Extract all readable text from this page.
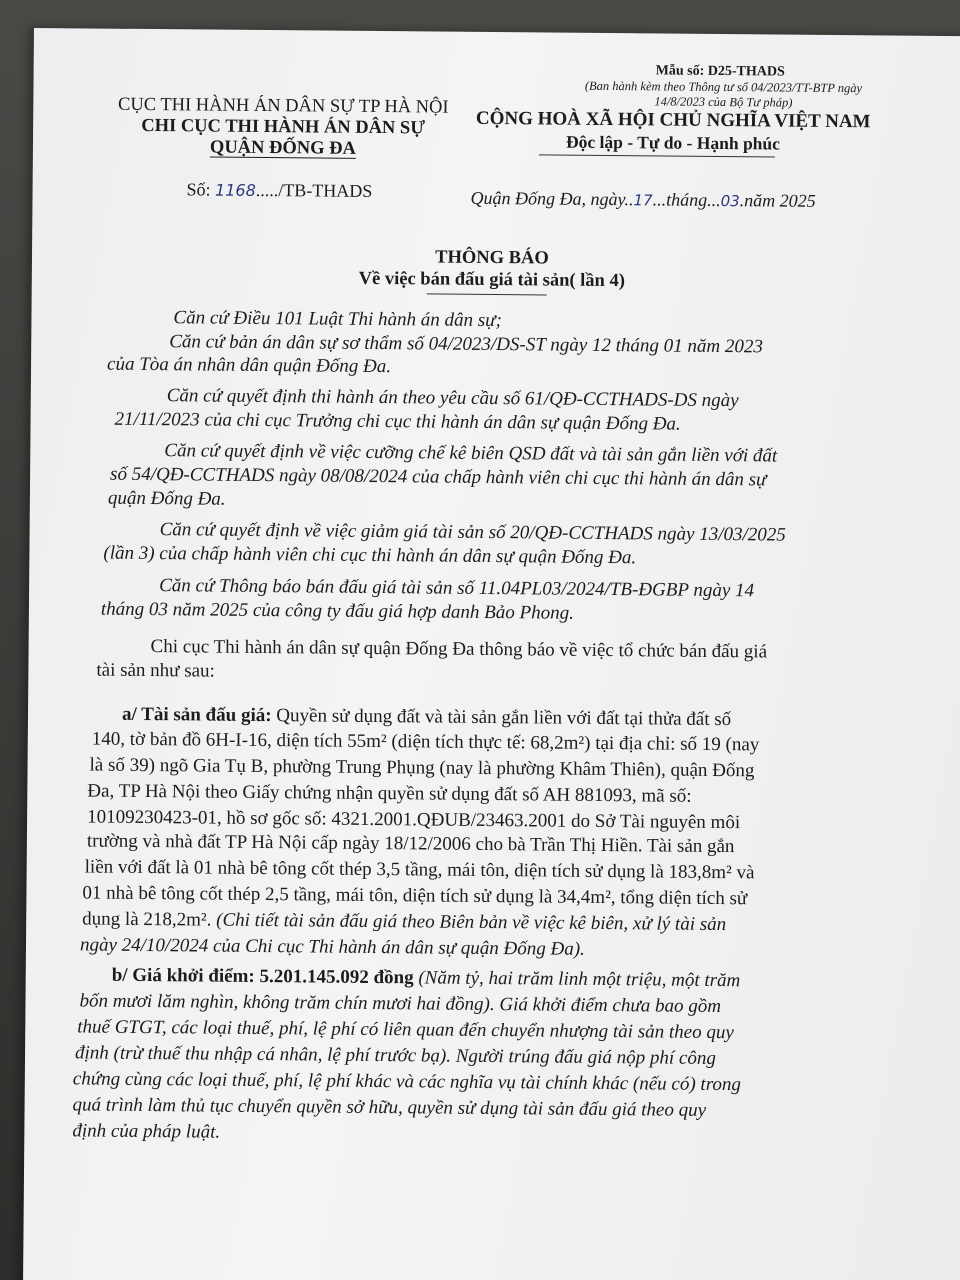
Mẫu số: D25-THADS
(Ban hành kèm theo Thông tư số 04/2023/TT-BTP ngày 14/8/2023 của Bộ Tư pháp)
CỤC THI HÀNH ÁN DÂN SỰ TP HÀ NỘI
CHI CỤC THI HÀNH ÁN DÂN SỰ
QUẬN ĐỐNG ĐA
CỘNG HOÀ XÃ HỘI CHỦ NGHĨA VIỆT NAM
Độc lập - Tự do - Hạnh phúc
Số: 1168...../TB-THADS	Quận Đống Đa, ngày..17...tháng...03.năm 2025
THÔNG BÁO
Về việc bán đấu giá tài sản( lần 4)
Căn cứ Điều 101 Luật Thi hành án dân sự;
Căn cứ bản án dân sự sơ thẩm số 04/2023/DS-ST ngày 12 tháng 01 năm 2023
của Tòa án nhân dân quận Đống Đa.
Căn cứ quyết định thi hành án theo yêu cầu số 61/QĐ-CCTHADS-DS ngày
21/11/2023 của chi cục Trưởng chi cục thi hành án dân sự quận Đống Đa.
Căn cứ quyết định về việc cưỡng chế kê biên QSD đất và tài sản gắn liền với đất
số 54/QĐ-CCTHADS ngày 08/08/2024 của chấp hành viên chi cục thi hành án dân sự
quận Đống Đa.
Căn cứ quyết định về việc giảm giá tài sản số 20/QĐ-CCTHADS ngày 13/03/2025
(lần 3) của chấp hành viên chi cục thi hành án dân sự quận Đống Đa.
Căn cứ Thông báo bán đấu giá tài sản số 11.04PL03/2024/TB-ĐGBP ngày 14
tháng 03 năm 2025 của công ty đấu giá hợp danh Bảo Phong.
Chi cục Thi hành án dân sự quận Đống Đa thông báo về việc tổ chức bán đấu giá
tài sản như sau:
a/ Tài sản đấu giá: Quyền sử dụng đất và tài sản gắn liền với đất tại thửa đất số
140, tờ bản đồ 6H-I-16, diện tích 55m² (diện tích thực tế: 68,2m²) tại địa chỉ: số 19 (nay
là số 39) ngõ Gia Tụ B, phường Trung Phụng (nay là phường Khâm Thiên), quận Đống
Đa, TP Hà Nội theo Giấy chứng nhận quyền sử dụng đất số AH 881093, mã số:
10109230423-01, hồ sơ gốc số: 4321.2001.QĐUB/23463.2001 do Sở Tài nguyên môi
trường và nhà đất TP Hà Nội cấp ngày 18/12/2006 cho bà Trần Thị Hiền. Tài sản gắn
liền với đất là 01 nhà bê tông cốt thép 3,5 tầng, mái tôn, diện tích sử dụng là 183,8m² và
01 nhà bê tông cốt thép 2,5 tầng, mái tôn, diện tích sử dụng là 34,4m², tổng diện tích sử
dụng là 218,2m². (Chi tiết tài sản đấu giá theo Biên bản về việc kê biên, xử lý tài sản
ngày 24/10/2024 của Chi cục Thi hành án dân sự quận Đống Đa).
b/ Giá khởi điểm: 5.201.145.092 đồng (Năm tỷ, hai trăm linh một triệu, một trăm
bốn mươi lăm nghìn, không trăm chín mươi hai đồng). Giá khởi điểm chưa bao gồm
thuế GTGT, các loại thuế, phí, lệ phí có liên quan đến chuyển nhượng tài sản theo quy
định (trừ thuế thu nhập cá nhân, lệ phí trước bạ). Người trúng đấu giá nộp phí công
chứng cùng các loại thuế, phí, lệ phí khác và các nghĩa vụ tài chính khác (nếu có) trong
quá trình làm thủ tục chuyển quyền sở hữu, quyền sử dụng tài sản đấu giá theo quy
định của pháp luật.
